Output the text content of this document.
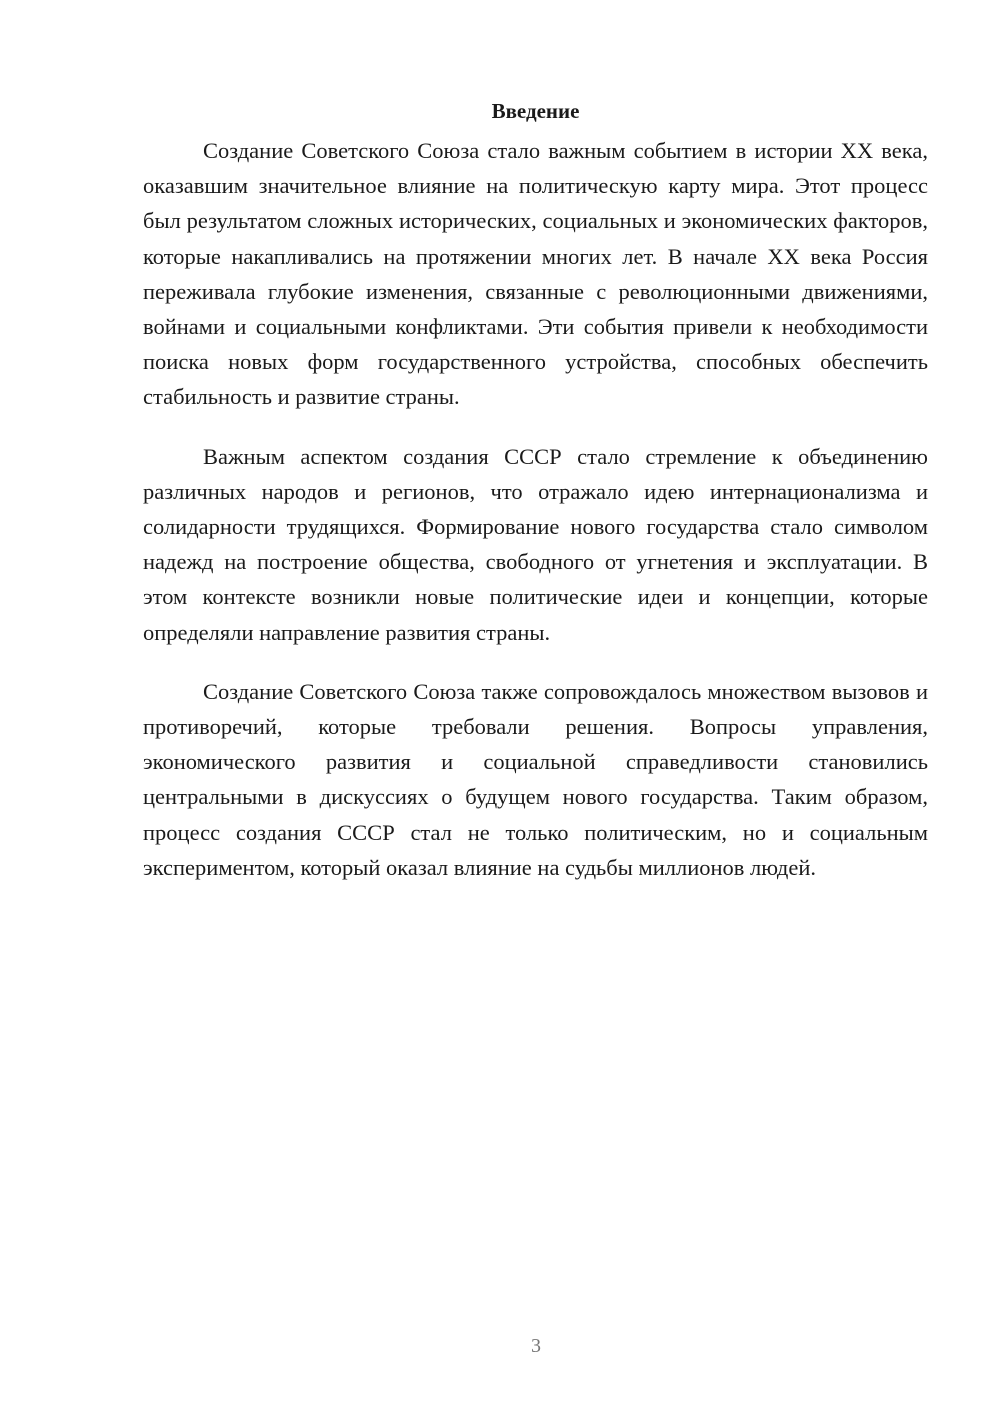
Введение

Создание Советского Союза стало важным событием в истории XX века, оказавшим значительное влияние на политическую карту мира. Этот процесс был результатом сложных исторических, социальных и экономических факторов, которые накапливались на протяжении многих лет. В начале XX века Россия переживала глубокие изменения, связанные с революционными движениями, войнами и социальными конфликтами. Эти события привели к необходимости поиска новых форм государственного устройства, способных обеспечить стабильность и развитие страны.

Важным аспектом создания СССР стало стремление к объединению различных народов и регионов, что отражало идею интернационализма и солидарности трудящихся. Формирование нового государства стало символом надежд на построение общества, свободного от угнетения и эксплуатации. В этом контексте возникли новые политические идеи и концепции, которые определяли направление развития страны.

Создание Советского Союза также сопровождалось множеством вызовов и противоречий, которые требовали решения. Вопросы управления, экономического развития и социальной справедливости становились центральными в дискуссиях о будущем нового государства. Таким образом, процесс создания СССР стал не только политическим, но и социальным экспериментом, который оказал влияние на судьбы миллионов людей.

3
